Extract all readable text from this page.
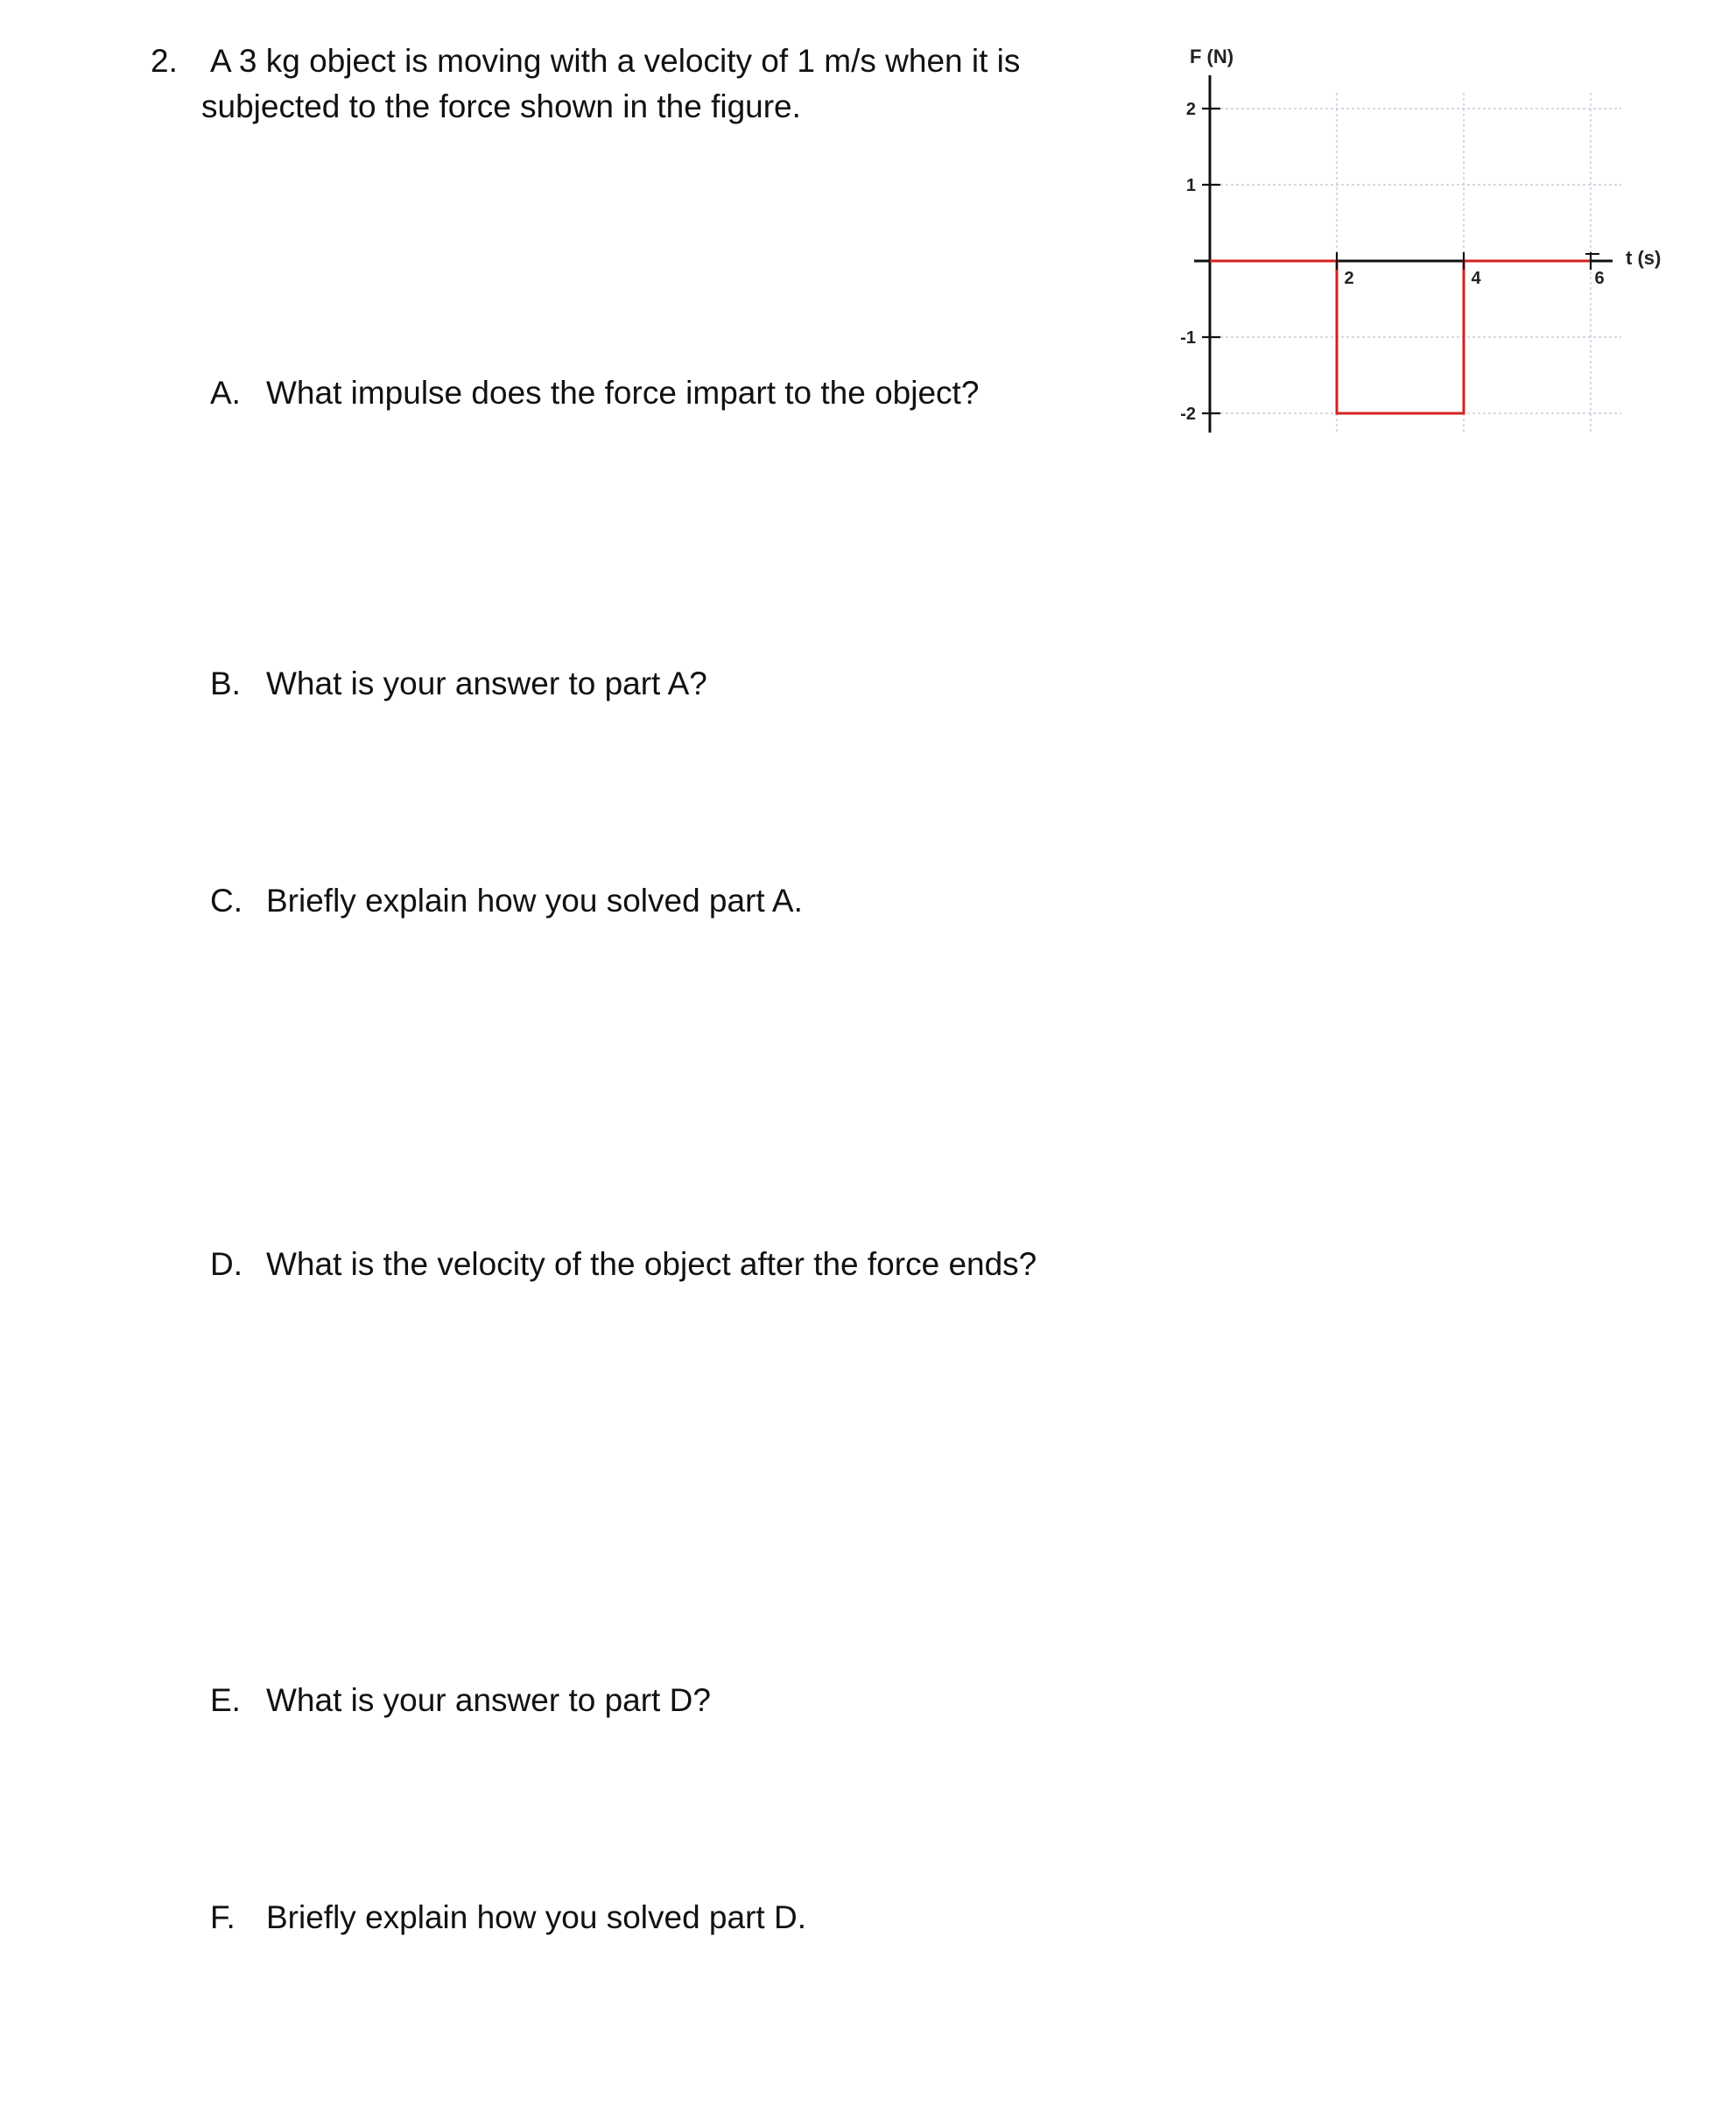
2. A 3 kg object is moving with a velocity of 1 m/s when it is
subjected to the force shown in the figure.
A. What impulse does the force impart to the object?
B. What is your answer to part A?
C. Briefly explain how you solved part A.
D. What is the velocity of the object after the force ends?
E. What is your answer to part D?
F. Briefly explain how you solved part D.
2
1
-1
-2
2	4	6
F (N)
t (s)
